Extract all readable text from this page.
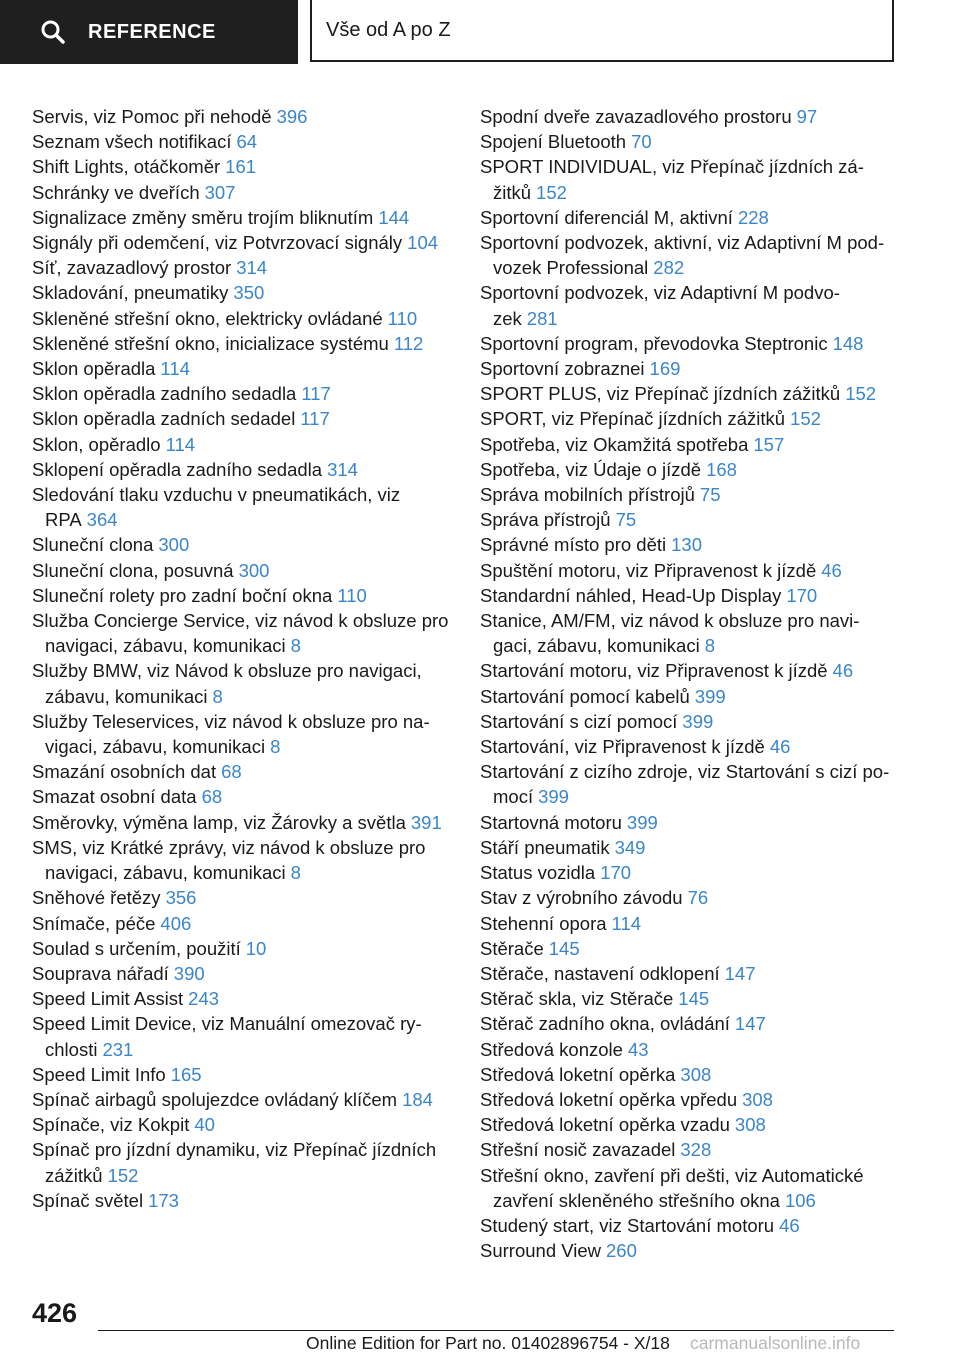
REFERENCE	Vše od A po Z
Servis, viz Pomoc při nehodě 396
Seznam všech notifikací 64
Shift Lights, otáčkoměr 161
Schránky ve dveřích 307
Signalizace změny směru trojím bliknutím 144
Signály při odemčení, viz Potvrzovací signály 104
Síť, zavazadlový prostor 314
Skladování, pneumatiky 350
Skleněné střešní okno, elektricky ovládané 110
Skleněné střešní okno, inicializace systému 112
Sklon opěradla 114
Sklon opěradla zadního sedadla 117
Sklon opěradla zadních sedadel 117
Sklon, opěradlo 114
Sklopení opěradla zadního sedadla 314
Sledování tlaku vzduchu v pneumatikách, viz RPA 364
Sluneční clona 300
Sluneční clona, posuvná 300
Sluneční rolety pro zadní boční okna 110
Služba Concierge Service, viz návod k obsluze pro navigaci, zábavu, komunikaci 8
Služby BMW, viz Návod k obsluze pro navigaci, zábavu, komunikaci 8
Služby Teleservices, viz návod k obsluze pro navigaci, zábavu, komunikaci 8
Smazání osobních dat 68
Smazat osobní data 68
Směrovky, výměna lamp, viz Žárovky a světla 391
SMS, viz Krátké zprávy, viz návod k obsluze pro navigaci, zábavu, komunikaci 8
Sněhové řetězy 356
Snímače, péče 406
Soulad s určením, použití 10
Souprava nářadí 390
Speed Limit Assist 243
Speed Limit Device, viz Manuální omezovač rychlosti 231
Speed Limit Info 165
Spínač airbagů spolujezdce ovládaný klíčem 184
Spínače, viz Kokpit 40
Spínač pro jízdní dynamiku, viz Přepínač jízdních zážitků 152
Spínač světel 173
Spodní dveře zavazadlového prostoru 97
Spojení Bluetooth 70
SPORT INDIVIDUAL, viz Přepínač jízdních zážitků 152
Sportovní diferenciál M, aktivní 228
Sportovní podvozek, aktivní, viz Adaptivní M podvozek Professional 282
Sportovní podvozek, viz Adaptivní M podvozek 281
Sportovní program, převodovka Steptronic 148
Sportovní zobraznei 169
SPORT PLUS, viz Přepínač jízdních zážitků 152
SPORT, viz Přepínač jízdních zážitků 152
Spotřeba, viz Okamžitá spotřeba 157
Spotřeba, viz Údaje o jízdě 168
Správa mobilních přístrojů 75
Správa přístrojů 75
Správné místo pro děti 130
Spuštění motoru, viz Připravenost k jízdě 46
Standardní náhled, Head-Up Display 170
Stanice, AM/FM, viz návod k obsluze pro navigaci, zábavu, komunikaci 8
Startování motoru, viz Připravenost k jízdě 46
Startování pomocí kabelů 399
Startování s cizí pomocí 399
Startování, viz Připravenost k jízdě 46
Startování z cizího zdroje, viz Startování s cizí pomocí 399
Startovná motoru 399
Stáří pneumatik 349
Status vozidla 170
Stav z výrobního závodu 76
Stehenní opora 114
Stěrače 145
Stěrače, nastavení odklopení 147
Stěrač skla, viz Stěrače 145
Stěrač zadního okna, ovládání 147
Středová konzole 43
Středová loketní opěrka 308
Středová loketní opěrka vpředu 308
Středová loketní opěrka vzadu 308
Střešní nosič zavazadel 328
Střešní okno, zavření při dešti, viz Automatické zavření skleněného střešního okna 106
Studený start, viz Startování motoru 46
Surround View 260
426
Online Edition for Part no. 01402896754 - X/18 carmanualsonline.info
